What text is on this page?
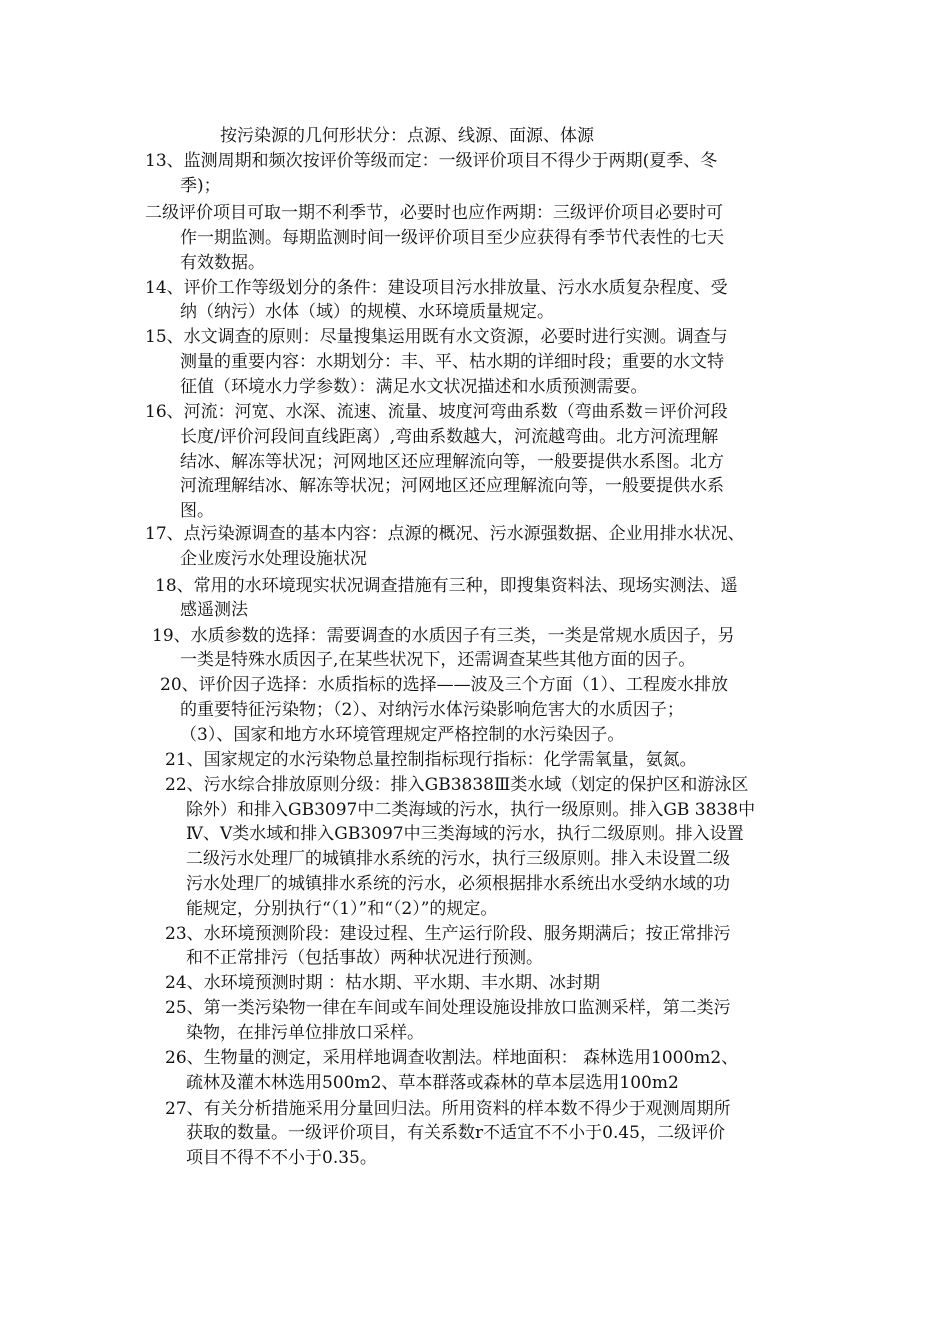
按污染源的几何形状分：点源、线源、面源、体源
13、监测周期和频次按评价等级而定：一级评价项目不得少于两期(夏季、冬
季)；
二级评价项目可取一期不利季节，必要时也应作两期：三级评价项目必要时可
作一期监测。每期监测时间一级评价项目至少应获得有季节代表性的七天
有效数据。
14、评价工作等级划分的条件：建设项目污水排放量、污水水质复杂程度、受
纳（纳污）水体（域）的规模、水环境质量规定。
15、水文调查的原则：尽量搜集运用既有水文资源，必要时进行实测。调查与
测量的重要内容：水期划分：丰、平、枯水期的详细时段；重要的水文特
征值（环境水力学参数）：满足水文状况描述和水质预测需要。
16、河流：河宽、水深、流速、流量、坡度河弯曲系数（弯曲系数＝评价河段
长度/评价河段间直线距离）,弯曲系数越大，河流越弯曲。北方河流理解
结冰、解冻等状况；河网地区还应理解流向等，一般要提供水系图。北方
河流理解结冰、解冻等状况；河网地区还应理解流向等，一般要提供水系
图。
17、点污染源调查的基本内容：点源的概况、污水源强数据、企业用排水状况、
企业废污水处理设施状况
18、常用的水环境现实状况调查措施有三种，即搜集资料法、现场实测法、遥
感遥测法
19、水质参数的选择：需要调查的水质因子有三类，一类是常规水质因子，另
一类是特殊水质因子,在某些状况下，还需调查某些其他方面的因子。
20、评价因子选择：水质指标的选择——波及三个方面（1）、工程废水排放
的重要特征污染物；（2）、对纳污水体污染影响危害大的水质因子；
（3）、国家和地方水环境管理规定严格控制的水污染因子。
21、国家规定的水污染物总量控制指标现行指标：化学需氧量，氨氮。
22、污水综合排放原则分级：排入GB3838Ⅲ类水域（划定的保护区和游泳区
除外）和排入GB3097中二类海域的污水，执行一级原则。排入GB 3838中
Ⅳ、Ⅴ类水域和排入GB3097中三类海域的污水，执行二级原则。排入设置
二级污水处理厂的城镇排水系统的污水，执行三级原则。排入未设置二级
污水处理厂的城镇排水系统的污水，必须根据排水系统出水受纳水域的功
能规定，分别执行“（1）”和“（2）”的规定。
23、水环境预测阶段：建设过程、生产运行阶段、服务期满后；按正常排污
和不正常排污（包括事故）两种状况进行预测。
24、水环境预测时期 ：枯水期、平水期、丰水期、冰封期
25、第一类污染物一律在车间或车间处理设施设排放口监测采样，第二类污
染物，在排污单位排放口采样。
26、生物量的测定，采用样地调查收割法。样地面积： 森林选用1000m2、
疏林及灌木林选用500m2、草本群落或森林的草本层选用100m2
27、有关分析措施采用分量回归法。所用资料的样本数不得少于观测周期所
获取的数量。一级评价项目，有关系数r不适宜不不小于0.45，二级评价
项目不得不不小于0.35。
